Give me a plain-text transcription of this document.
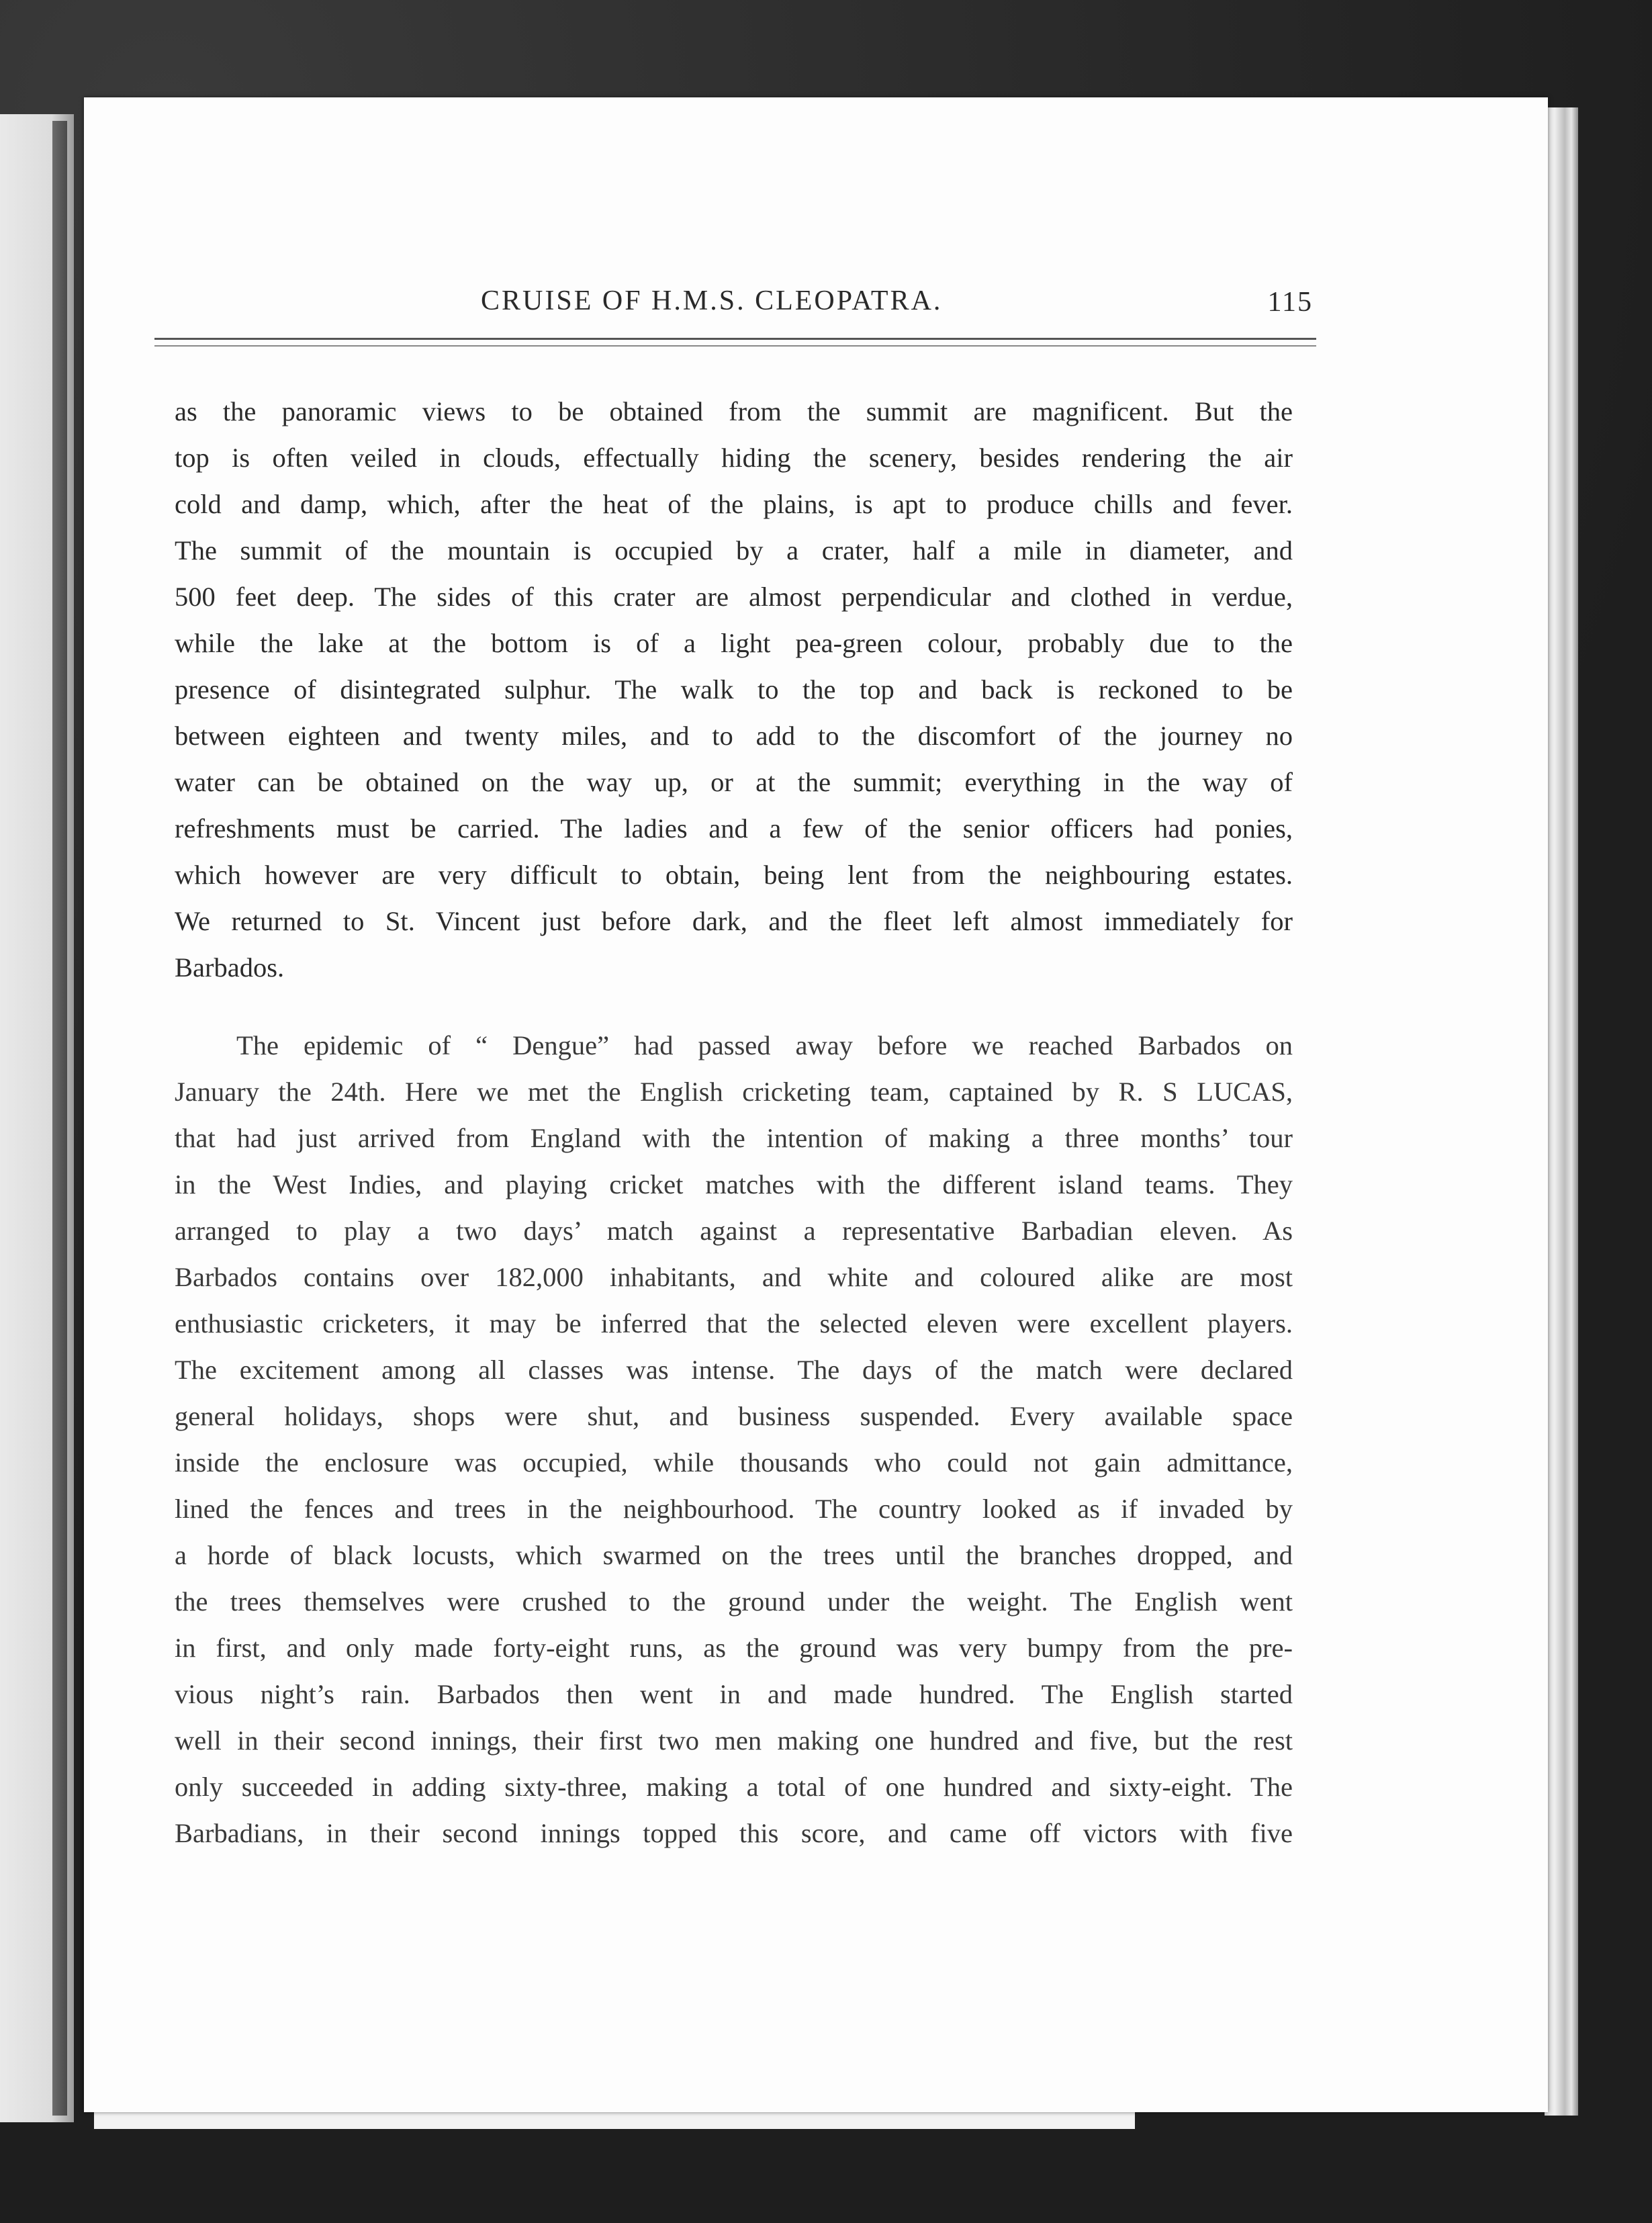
CRUISE OF H.M.S. CLEOPATRA.	115
as the panoramic views to be obtained from the summit are magnificent. But the
top is often veiled in clouds, effectually hiding the scenery, besides rendering the air
cold and damp, which, after the heat of the plains, is apt to produce chills and fever.
The summit of the mountain is occupied by a crater, half a mile in diameter, and
500 feet deep. The sides of this crater are almost perpendicular and clothed in verdue,
while the lake at the bottom is of a light pea-green colour, probably due to the
presence of disintegrated sulphur. The walk to the top and back is reckoned to be
between eighteen and twenty miles, and to add to the discomfort of the journey no
water can be obtained on the way up, or at the summit; everything in the way of
refreshments must be carried. The ladies and a few of the senior officers had ponies,
which however are very difficult to obtain, being lent from the neighbouring estates.
We returned to St. Vincent just before dark, and the fleet left almost immediately for
Barbados.
The epidemic of “ Dengue” had passed away before we reached Barbados on
January the 24th. Here we met the English cricketing team, captained by R. S LUCAS,
that had just arrived from England with the intention of making a three months’ tour
in the West Indies, and playing cricket matches with the different island teams. They
arranged to play a two days’ match against a representative Barbadian eleven. As
Barbados contains over 182,000 inhabitants, and white and coloured alike are most
enthusiastic cricketers, it may be inferred that the selected eleven were excellent players.
The excitement among all classes was intense. The days of the match were declared
general holidays, shops were shut, and business suspended. Every available space
inside the enclosure was occupied, while thousands who could not gain admittance,
lined the fences and trees in the neighbourhood. The country looked as if invaded by
a horde of black locusts, which swarmed on the trees until the branches dropped, and
the trees themselves were crushed to the ground under the weight. The English went
in first, and only made forty-eight runs, as the ground was very bumpy from the pre-
vious night’s rain. Barbados then went in and made hundred. The English started
well in their second innings, their first two men making one hundred and five, but the rest
only succeeded in adding sixty-three, making a total of one hundred and sixty-eight. The
Barbadians, in their second innings topped this score, and came off victors with five
